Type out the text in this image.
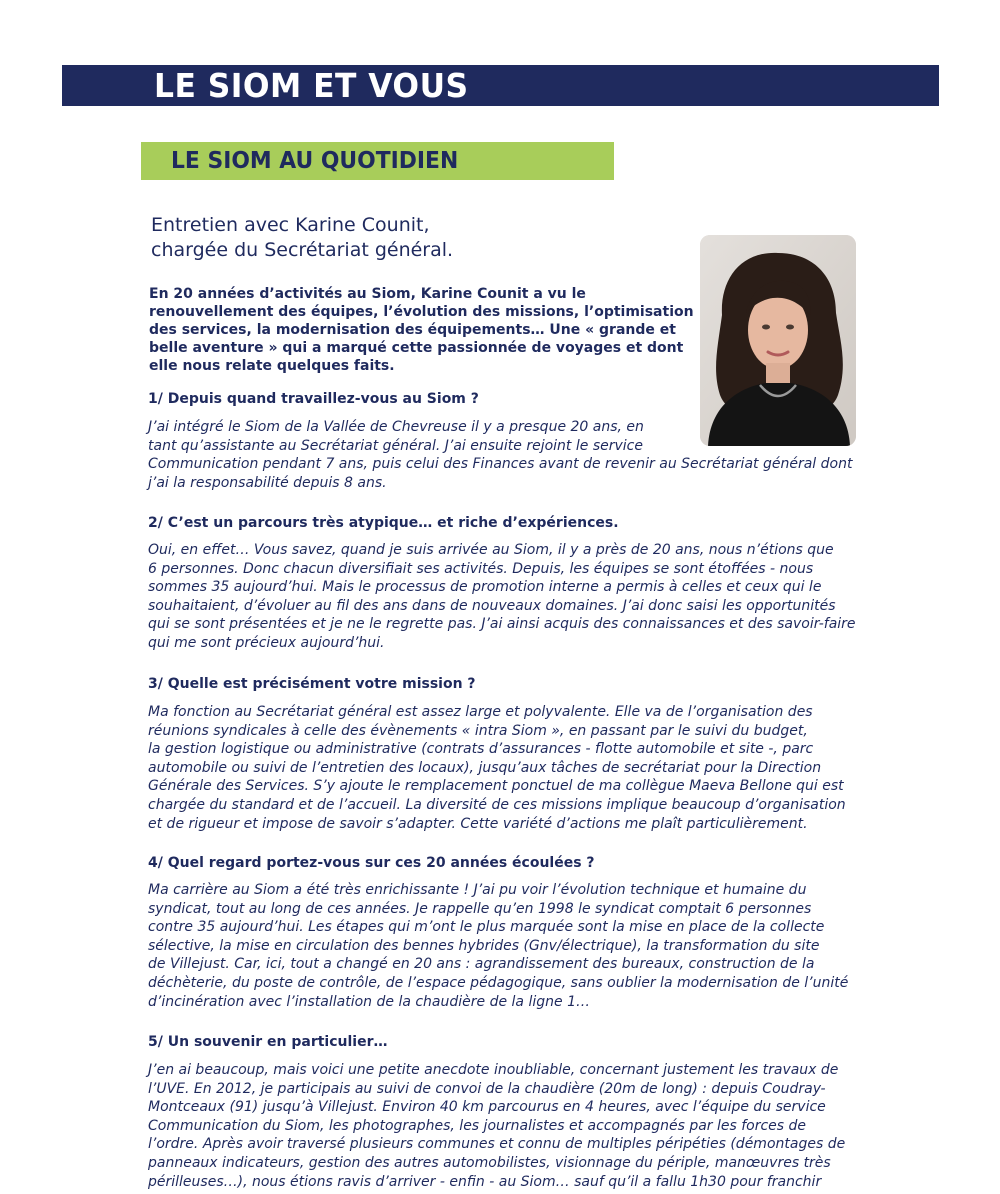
LE SIOM ET VOUS
LE SIOM AU QUOTIDIEN
Entretien avec Karine Counit,
chargée du Secrétariat général.

En 20 années d’activités au Siom, Karine Counit a vu le
renouvellement des équipes, l’évolution des missions, l’optimisation
des services, la modernisation des équipements… Une « grande et
belle aventure » qui a marqué cette passionnée de voyages et dont
elle nous relate quelques faits.

1/ Depuis quand travaillez-vous au Siom ?

J’ai intégré le Siom de la Vallée de Chevreuse il y a presque 20 ans, en
tant qu’assistante au Secrétariat général. J’ai ensuite rejoint le service
Communication pendant 7 ans, puis celui des Finances avant de revenir au Secrétariat général dont
j’ai la responsabilité depuis 8 ans.

2/ C’est un parcours très atypique… et riche d’expériences.

Oui, en effet… Vous savez, quand je suis arrivée au Siom, il y a près de 20 ans, nous n’étions que
6 personnes. Donc chacun diversifiait ses activités. Depuis, les équipes se sont étoffées - nous
sommes 35 aujourd’hui. Mais le processus de promotion interne a permis à celles et ceux qui le
souhaitaient, d’évoluer au fil des ans dans de nouveaux domaines. J’ai donc saisi les opportunités
qui se sont présentées et je ne le regrette pas. J’ai ainsi acquis des connaissances et des savoir-faire
qui me sont précieux aujourd’hui.

3/ Quelle est précisément votre mission ?

Ma fonction au Secrétariat général est assez large et polyvalente. Elle va de l’organisation des
réunions syndicales à celle des évènements « intra Siom », en passant par le suivi du budget,
la gestion logistique ou administrative (contrats d’assurances - flotte automobile et site -, parc
automobile ou suivi de l’entretien des locaux), jusqu’aux tâches de secrétariat pour la Direction
Générale des Services. S’y ajoute le remplacement ponctuel de ma collègue Maeva Bellone qui est
chargée du standard et de l’accueil. La diversité de ces missions implique beaucoup d’organisation
et de rigueur et impose de savoir s’adapter. Cette variété d’actions me plaît particulièrement.

4/ Quel regard portez-vous sur ces 20 années écoulées ?

Ma carrière au Siom a été très enrichissante ! J’ai pu voir l’évolution technique et humaine du
syndicat, tout au long de ces années. Je rappelle qu’en 1998 le syndicat comptait 6 personnes
contre 35 aujourd’hui. Les étapes qui m’ont le plus marquée sont la mise en place de la collecte
sélective, la mise en circulation des bennes hybrides (Gnv/électrique), la transformation du site
de Villejust. Car, ici, tout a changé en 20 ans : agrandissement des bureaux, construction de la
déchèterie, du poste de contrôle, de l’espace pédagogique, sans oublier la modernisation de l’unité
d’incinération avec l’installation de la chaudière de la ligne 1…

5/ Un souvenir en particulier…

J’en ai beaucoup, mais voici une petite anecdote inoubliable, concernant justement les travaux de
l’UVE. En 2012, je participais au suivi de convoi de la chaudière (20m de long) : depuis Coudray-
Montceaux (91) jusqu’à Villejust. Environ 40 km parcourus en 4 heures, avec l’équipe du service
Communication du Siom, les photographes, les journalistes et accompagnés par les forces de
l’ordre. Après avoir traversé plusieurs communes et connu de multiples péripéties (démontages de
panneaux indicateurs, gestion des autres automobilistes, visionnage du périple, manœuvres très
périlleuses…), nous étions ravis d’arriver - enfin - au Siom… sauf qu’il a fallu 1h30 pour franchir
